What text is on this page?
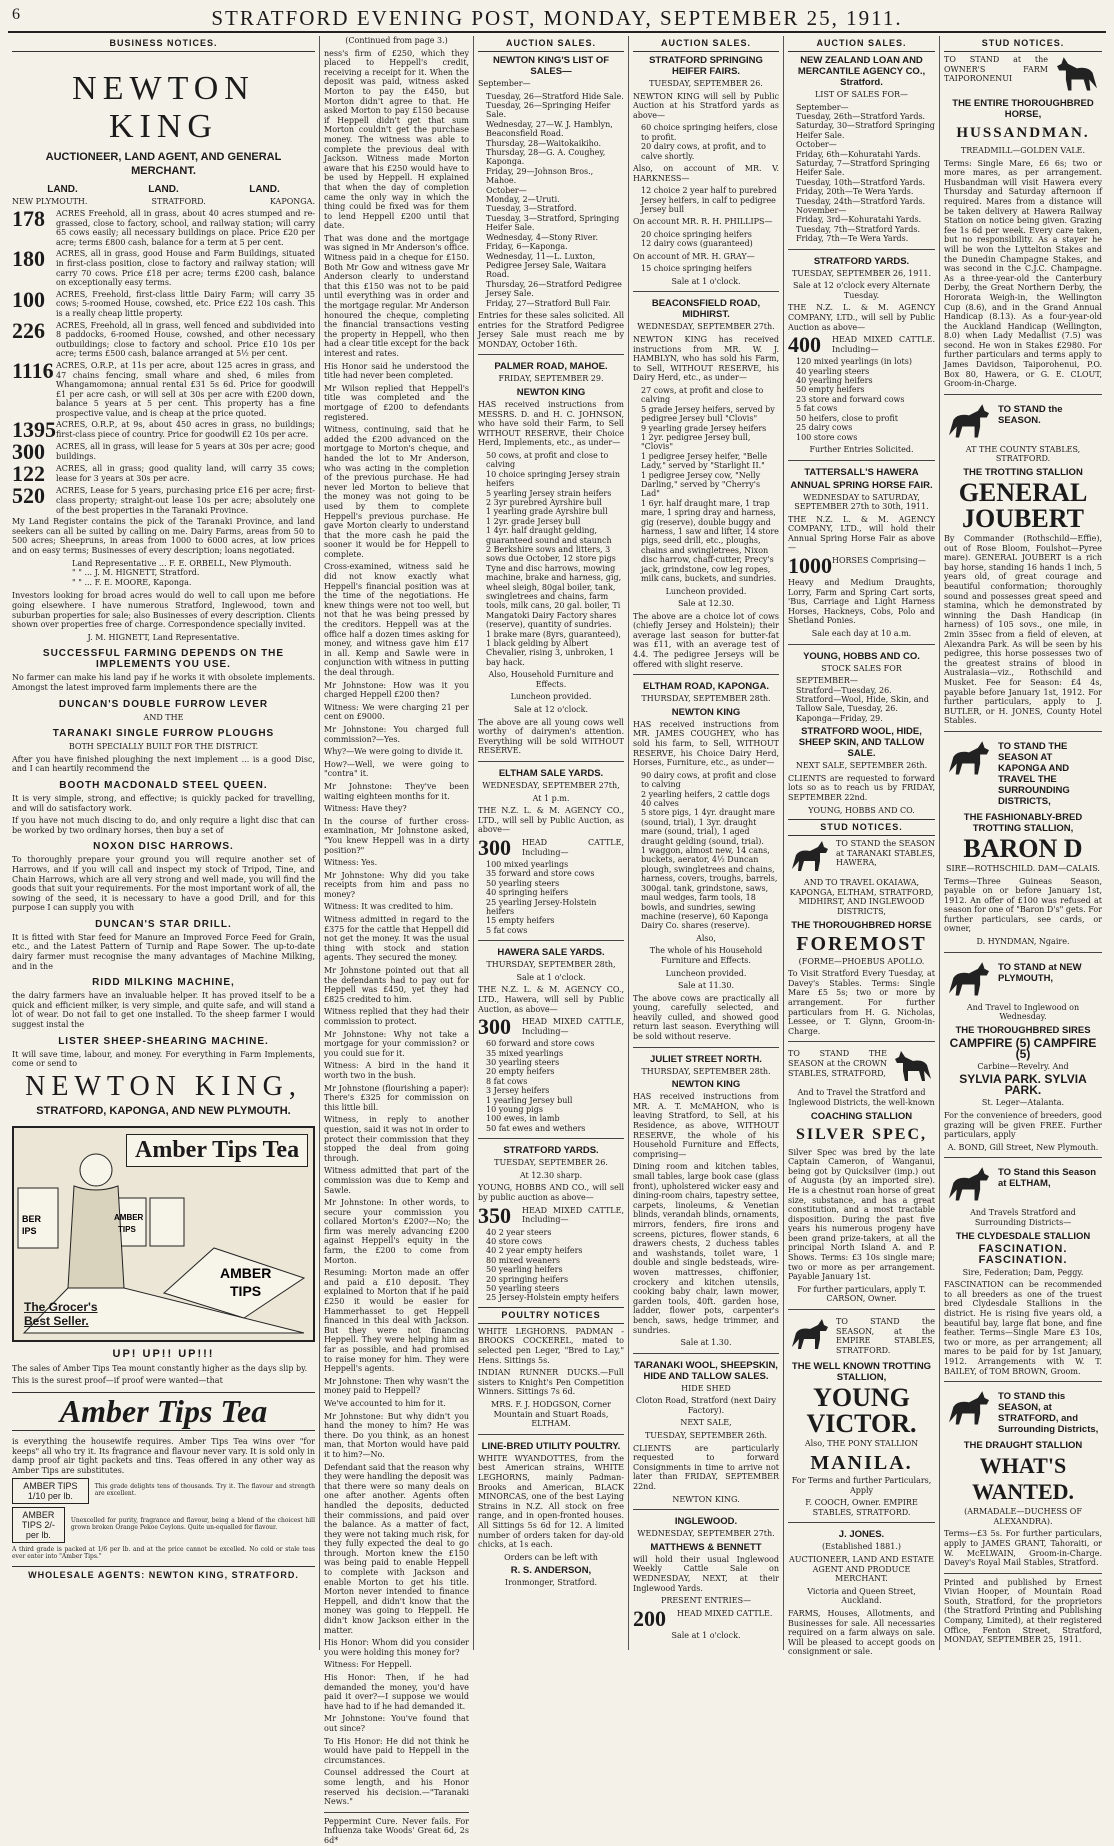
6	STRATFORD EVENING POST, MONDAY, SEPTEMBER 25, 1911.
BUSINESS NOTICES.
NEWTON KING
AUCTIONEER, LAND AGENT, AND GENERAL MERCHANT.
LAND.	LAND.	LAND.
NEW PLYMOUTH.	STRATFORD.	KAPONGA.
178	ACRES Freehold, all in grass, about 40 acres stumped and re-grassed, close to factory, school, and railway station; will carry 65 cows easily; all necessary buildings on place. Price £20 per acre; terms £800 cash, balance for a term at 5 per cent.
180	ACRES, all in grass, good House and Farm Buildings, situated in first-class position, close to factory and railway station; will carry 70 cows. Price £18 per acre; terms £200 cash, balance on exceptionally easy terms.
100	ACRES, Freehold, first-class little Dairy Farm; will carry 35 cows; 5-roomed House, cowshed, etc. Price £22 10s cash. This is a really cheap little property.
226	ACRES, Freehold, all in grass, well fenced and subdivided into 8 paddocks, 6-roomed House, cowshed, and other necessary outbuildings; close to factory and school. Price £10 10s per acre; terms £500 cash, balance arranged at 5½ per cent.
1116 ACRES, O.R.P., at 11s per acre, about 125 acres in grass, and 47 chains fencing, small whare and shed, 6 miles from Whangamomona; annual rental £31 5s 6d. Price for goodwill £1 per acre cash, or will sell at 30s per acre with £200 down, balance 5 years at 5 per cent. This property has a fine prospective value, and is cheap at the price quoted.
1395 ACRES, O.R.P., at 9s, about 450 acres in grass, no buildings; first-class piece of country. Price for goodwill £2 10s per acre.
300	ACRES, all in grass, will lease for 5 years at 30s per acre; good buildings.
122	ACRES, all in grass; good quality land, will carry 35 cows; lease for 3 years at 30s per acre.
520	ACRES, Lease for 5 years, purchasing price £16 per acre; first-class property; straight-out lease 10s per acre; absolutely one of the best properties in the Taranaki Province.

My Land Register contains the pick of the Taranaki Province, and land seekers can all be suited by calling on me. Dairy Farms, areas from 50 to 500 acres; Sheepruns, in areas from 1000 to 6000 acres, at low prices and on easy terms; Businesses of every description; loans negotiated.

Land Representative ... F. E. ORBELL, New Plymouth.
" " ... J. M. HIGNETT, Stratford.
" " ... F. E. MOORE, Kaponga.

Investors looking for broad acres would do well to call upon me before going elsewhere. I have numerous Stratford, Inglewood, town and suburban properties for sale; also Businesses of every description. Clients shown over properties free of charge. Correspondence specially invited.

J. M. HIGNETT, Land Representative.
SUCCESSFUL FARMING DEPENDS ON THE IMPLEMENTS YOU USE.

No farmer can make his land pay if he works it with obsolete implements. Amongst the latest improved farm implements there are the

DUNCAN'S DOUBLE FURROW LEVER
AND THE
TARANAKI SINGLE FURROW PLOUGHS
BOTH SPECIALLY BUILT FOR THE DISTRICT.

After you have finished ploughing the next implement ... is a good Disc, and I can heartily recommend the

BOOTH MACDONALD STEEL QUEEN.

It is very simple, strong, and effective; is quickly packed for travelling, and will do satisfactory work.

If you have not much discing to do, and only require a light disc that can be worked by two ordinary horses, then buy a set of

NOXON DISC HARROWS.

To thoroughly prepare your ground you will require another set of Harrows, and if you will call and inspect my stock of Tripod, Tine, and Chain Harrows, which are all very strong and well made, you will find the goods that suit your requirements. For the most important work of all, the sowing of the seed, it is necessary to have a good Drill, and for this purpose I can supply you with

DUNCAN'S STAR DRILL.

It is fitted with Star feed for Manure an Improved Force Feed for Grain, etc., and the Latest Pattern of Turnip and Rape Sower. The up-to-date dairy farmer must recognise the many advantages of Machine Milking, and in the

RIDD MILKING MACHINE,

the dairy farmers have an invaluable helper. It has proved itself to be a quick and efficient milker, is very simple, and quite safe, and will stand a lot of wear. Do not fail to get one installed. To the sheep farmer I would suggest instal the

LISTER SHEEP-SHEARING MACHINE.

It will save time, labour, and money. For everything in Farm Implements, come or send to

NEWTON KING,
STRATFORD, KAPONGA, AND NEW PLYMOUTH.
BER
IPS
AMBER
TIPS
AMBER
TIPS
Amber Tips Tea
The Grocer's
Best Seller.
UP! UP!! UP!!!

The sales of Amber Tips Tea mount constantly higher as the days slip by.

This is the surest proof—if proof were wanted—that

Amber Tips Tea

is everything the housewife requires. Amber Tips Tea wins over "for keeps" all who try it. Its fragrance and flavour never vary. It is sold only in damp proof air tight packets and tins. Teas offered in any other way as Amber Tips are substitutes.

AMBER TIPS 1/10 per lb.
This grade delights tens of thousands. Try it. The flavour and strength are excellent.
AMBER TIPS 2/- per lb.
Unexcelled for purity, fragrance and flavour, being a blend of the choicest hill grown broken Orange Pekoe Ceylons. Quite un-equalled for flavour.
A third grade is packed at 1/6 per lb. and at the price cannot be excelled. No cold or stale teas ever enter into "Amber Tips."
WHOLESALE AGENTS: NEWTON KING, STRATFORD.
(Continued from page 3.)

ness's firm of £250, which they placed to Heppell's credit, receiving a receipt for it. When the deposit was paid, witness asked Morton to pay the £450, but Morton didn't agree to that. He asked Morton to pay £150 because if Heppell didn't get that sum Morton couldn't get the purchase money. The witness was able to complete the previous deal with Jackson. Witness made Morton aware that his £250 would have to be used by Heppell. H explained that when the day of completion came the only way in which the thing could be fixed was for them to lend Heppell £200 until that date.

That was done and the mortgage was signed in Mr Anderson's office. Witness paid in a cheque for £150. Both Mr Gow and witness gave Mr Anderson clearly to understand that this £150 was not to be paid until everything was in order and the mortgage regular. Mr Anderson honoured the cheque, completing the financial transactions vesting the property in Heppell, who then had a clear title except for the back interest and rates.

His Honor said he understood the title had never been completed.

Mr Wilson replied that Heppell's title was completed and the mortgage of £200 to defendants registered.

Witness, continuing, said that he added the £200 advanced on the mortgage to Morton's cheque, and handed the lot to Mr Anderson, who was acting in the completion of the previous purchase. He had never led Morton to believe that the money was not going to be used by them to complete Heppell's previous purchase. He gave Morton clearly to understand that the more cash he paid the sooner it would be for Heppell to complete.

Cross-examined, witness said he did not know exactly what Heppell's financial position was at the time of the negotiations. He knew things were not too well, but not that he was being pressed by the creditors. Heppell was at the office half a dozen times asking for money, and witness gave him £17 in all. Kemp and Sawle were in conjunction with witness in putting the deal through.

Mr Johnstone: How was it you charged Heppell £200 then?

Witness: We were charging 21 per cent on £9000.

Mr Johnstone: You charged full commission?—Yes.

Why?—We were going to divide it.

How?—Well, we were going to "contra" it.

Mr Johnstone: They've been waiting eighteen months for it.

Witness: Have they?

In the course of further cross-examination, Mr Johnstone asked, "You knew Heppell was in a dirty position?"

Witness: Yes.

Mr Johnstone: Why did you take receipts from him and pass no money?

Witness: It was credited to him.

Witness admitted in regard to the £375 for the cattle that Heppell did not get the money. It was the usual thing with stock and station agents. They secured the money.

Mr Johnstone pointed out that all the defendants had to pay out for Heppell was £450, yet they had £825 credited to him.

Witness replied that they had their commission to protect.

Mr Johnstone: Why not take a mortgage for your commission? or you could sue for it.

Witness: A bird in the hand it worth two in the bush.

Mr Johnstone (flourishing a paper): There's £325 for commission on this little bill.

Witness, in reply to another question, said it was not in order to protect their commission that they stopped the deal from going through.

Witness admitted that part of the commission was due to Kemp and Sawle.

Mr Johnstone: In other words, to secure your commission you collared Morton's £200?—No; the firm was merely advancing £200 against Heppell's equity in the farm, the £200 to come from Morton.

Resuming: Morton made an offer and paid a £10 deposit. They explained to Morton that if he paid £250 it would be easier for Hammerhasset to get Heppell financed in this deal with Jackson. But they were not financing Heppell. They were helping him as far as possible, and had promised to raise money for him. They were Heppell's agents.

Mr Johnstone: Then why wasn't the money paid to Heppell?

We've accounted to him for it.

Mr Johnstone: But why didn't you hand the money to him? He was there. Do you think, as an honest man, that Morton would have paid it to him?—No.

Defendant said that the reason why they were handling the deposit was that there were so many deals on one after another. Agents often handled the deposits, deducted their commissions, and paid over the balance. As a matter of fact, they were not taking much risk, for they fully expected the deal to go through. Morton knew the £150 was being paid to enable Heppell to complete with Jackson and enable Morton to get his title. Morton never intended to finance Heppell, and didn't know that the money was going to Heppell. He didn't know Jackson either in the matter.

His Honor: Whom did you consider you were holding this money for?

Witness: For Heppell.

His Honor: Then, if he had demanded the money, you'd have paid it over?—I suppose we would have had to if he had demanded it.

Mr Johnstone: You've found that out since?

To His Honor: He did not think he would have paid to Heppell in the circumstances.

Counsel addressed the Court at some length, and his Honor reserved his decision.—"Taranaki News."

Peppermint Cure. Never fails. For Influenza take Woods' Great 6d, 2s 6d*

AUCTION SALES.
NEWTON KING'S LIST OF SALES—
September—
Tuesday, 26—Stratford Hide Sale.
Tuesday, 26—Springing Heifer Sale.
Wednesday, 27—W. J. Hamblyn, Beaconsfield Road.
Thursday, 28—Waitokaikiho.
Thursday, 28—G. A. Coughey, Kaponga.
Friday, 29—Johnson Bros., Mahoe.
October—
Monday, 2—Uruti.
Tuesday, 3—Stratford.
Tuesday, 3—Stratford, Springing Heifer Sale.
Wednesday, 4—Stony River.
Friday, 6—Kaponga.
Wednesday, 11—L. Luxton, Pedigree Jersey Sale, Waitara Road.
Thursday, 26—Stratford Pedigree Jersey Sale.
Friday, 27—Stratford Bull Fair.

Entries for these sales solicited. All entries for the Stratford Pedigree Jersey Sale must reach me by MONDAY, October 16th.

PALMER ROAD, MAHOE.
FRIDAY, SEPTEMBER 29.
NEWTON KING

HAS received instructions from MESSRS. D. and H. C. JOHNSON, who have sold their Farm, to Sell WITHOUT RESERVE, their Choice Herd, Implements, etc., as under—

50 cows, at profit and close to calving
10 choice springing Jersey strain heifers
5 yearling Jersey strain heifers
2 3yr purebred Ayrshire bull
1 yearling grade Ayrshire bull
1 2yr. grade Jersey bull
1 4yr. half draught gelding, guaranteed sound and staunch
2 Berkshire sows and litters, 3 sows due October, 12 store pigs
Tyne and disc harrows, mowing machine, brake and harness, gig, wheel sleigh, 80gal boiler, tank, swingletrees and chains, farm tools, milk cans, 20 gal. boiler, Ti Mangatoki Dairy Factory shares (reserve), quantity of sundries.
1 brake mare (8yrs, guaranteed), 1 black gelding by Albert Chevalier, rising 3, unbroken, 1 bay hack.
Also, Household Furniture and Effects.
Luncheon provided.
Sale at 12 o'clock.

The above are all young cows well worthy of dairymen's attention. Everything will be sold WITHOUT RESERVE.

ELTHAM SALE YARDS.
WEDNESDAY, SEPTEMBER 27th,
At 1 p.m.

THE N.Z. L. & M. AGENCY CO., LTD., will sell by Public Auction, as above—

300	HEAD CATTLE, Including—
100 mixed yearlings
35 forward and store cows
50 yearling steers
40 springing heifers
25 yearling Jersey-Holstein heifers
15 empty heifers
5 fat cows
HAWERA SALE YARDS.
THURSDAY, SEPTEMBER 28th,
Sale at 1 o'clock.

THE N.Z. L. & M. AGENCY CO., LTD., Hawera, will sell by Public Auction, as above—

300	HEAD MIXED CATTLE, Including—
60 forward and store cows
35 mixed yearlings
30 yearling steers
20 empty heifers
8 fat cows
3 Jersey heifers
1 yearling Jersey bull
10 young pigs
100 ewes, in lamb
50 fat ewes and wethers
STRATFORD YARDS.
TUESDAY, SEPTEMBER 26.
At 12.30 sharp.

YOUNG, HOBBS AND CO., will sell by public auction as above—

350	HEAD MIXED CATTLE, Including—
40 2 year steers
40 store cows
40 2 year empty heifers
80 mixed weaners
50 yearling heifers
20 springing heifers
50 yearling steers
25 Jersey-Holstein empty heifers
POULTRY NOTICES

WHITE LEGHORNS. PADMAN - BROOKS COCKEREL, mated to selected pen Leger, "Bred to Lay," Hens. Sittings 5s.

INDIAN RUNNER DUCKS.—Full sisters to Knight's Pen Competition Winners. Sittings 7s 6d.

MRS. F. J. HODGSON, Corner Mountain and Stuart Roads, ELTHAM.

LINE-BRED UTILITY POULTRY.

WHITE WYANDOTTES, from the best American strains, WHITE LEGHORNS, mainly Padman-Brooks and American, BLACK MINORCAS, one of the best Laying Strains in N.Z. All stock on free range, and in open-fronted houses. All Sittings 5s 6d for 12. A limited number of orders taken for day-old chicks, at 1s each.

Orders can be left with
R. S. ANDERSON,
Ironmonger, Stratford.
AUCTION SALES.
STRATFORD SPRINGING HEIFER FAIRS.
TUESDAY, SEPTEMBER 26.

NEWTON KING will sell by Public Auction at his Stratford yards as above—

60 choice springing heifers, close to profit.
20 dairy cows, at profit, and to calve shortly.
Also, on account of MR. V. HARKNESS—
12 choice 2 year half to purebred Jersey heifers, in calf to pedigree Jersey bull
On account MR. R. H. PHILLIPS—
20 choice springing heifers
12 dairy cows (guaranteed)
On account of MR. H. GRAY—
15 choice springing heifers
Sale at 1 o'clock.
BEACONSFIELD ROAD, MIDHIRST.
WEDNESDAY, SEPTEMBER 27th.

NEWTON KING has received instructions from MR. W. J. HAMBLYN, who has sold his Farm, to Sell, WITHOUT RESERVE, his Dairy Herd, etc., as under—

27 cows, at profit and close to calving
5 grade Jersey heifers, served by pedigree Jersey bull "Clovis"
9 yearling grade Jersey heifers
1 2yr. pedigree Jersey bull, "Clovis"
1 pedigree Jersey heifer, "Belle Lady," served by "Starlight II."
1 pedigree Jersey cow, "Nelly Darling," served by "Cherry's Lad"
1 6yr. half draught mare, 1 trap mare, 1 spring dray and harness, gig (reserve), double buggy and harness, 1 saw and lifter, 14 store pigs, seed drill, etc., ploughs, chains and swingletrees, Nixon disc harrow, chaff-cutter, Precy's jack, grindstone, cow leg ropes, milk cans, buckets, and sundries.
Luncheon provided.
Sale at 12.30.

The above are a choice lot of cows (chiefly Jersey and Holstein); their average last season for butter-fat was £11, with an average test of 4.4. The pedigree Jerseys will be offered with slight reserve.

ELTHAM ROAD, KAPONGA.
THURSDAY, SEPTEMBER 28th.
NEWTON KING

HAS received instructions from MR. JAMES COUGHEY, who has sold his farm, to Sell, WITHOUT RESERVE, his Choice Dairy Herd, Horses, Furniture, etc., as under—

90 dairy cows, at profit and close to calving
2 yearling heifers, 2 cattle dogs
40 calves
5 store pigs, 1 4yr. draught mare (sound, trial), 1 3yr. draught mare (sound, trial), 1 aged draught gelding (sound, trial).
1 waggon, almost new, 14 cans, buckets, aerator, 4½ Duncan plough, swingletrees and chains, harness, covers, troughs, barrels, 300gal. tank, grindstone, saws, maul wedges, farm tools, 18 bowls, and sundries, sewing machine (reserve), 60 Kaponga Dairy Co. shares (reserve).
Also,
The whole of his Household Furniture and Effects.
Luncheon provided.
Sale at 11.30.

The above cows are practically all young, carefully selected, and heavily culled, and showed good return last season. Everything will be sold without reserve.

JULIET STREET NORTH.
THURSDAY, SEPTEMBER 28th.
NEWTON KING

HAS received instructions from MR. A. T. McMAHON, who is leaving Stratford, to Sell, at his Residence, as above, WITHOUT RESERVE, the whole of his Household Furniture and Effects, comprising—

Dining room and kitchen tables, small tables, large book case (glass front), upholstered wicker easy and dining-room chairs, tapestry settee, carpets, linoleums, & Venetian blinds, verandah blinds, ornaments, mirrors, fenders, fire irons and screens, pictures, flower stands, 6 drawers chests, 2 duchess tables and washstands, toilet ware, 1 double and single bedsteads, wire-woven mattresses, chiffonier, crockery and kitchen utensils, cooking baby chair, lawn mower, garden tools, 40ft. garden hose, ladder, flower pots, carpenter's bench, saws, hedge trimmer, and sundries.

Sale at 1.30.
TARANAKI WOOL, SHEEPSKIN, HIDE AND TALLOW SALES.
HIDE SHED
Cloton Road, Stratford (next Dairy Factory).
NEXT SALE,
TUESDAY, SEPTEMBER 26th.

CLIENTS are particularly requested to forward Consignments in time to arrive not later than FRIDAY, SEPTEMBER 22nd.

NEWTON KING.
INGLEWOOD.
WEDNESDAY, SEPTEMBER 27th.
MATTHEWS & BENNETT

will hold their usual Inglewood Weekly Cattle Sale on WEDNESDAY, NEXT, at their Inglewood Yards.

PRESENT ENTRIES—
200	HEAD MIXED CATTLE.
Sale at 1 o'clock.
AUCTION SALES.
NEW ZEALAND LOAN AND MERCANTILE AGENCY CO., Stratford.
LIST OF SALES FOR—
September—
Tuesday, 26th—Stratford Yards.
Saturday, 30—Stratford Springing Heifer Sale.
October—
Friday, 6th—Kohuratahi Yards.
Saturday, 7—Stratford Springing Heifer Sale.
Tuesday, 10th—Stratford Yards.
Friday, 20th—Te Wera Yards.
Tuesday, 24th—Stratford Yards.
November—
Friday, 3rd—Kohuratahi Yards.
Tuesday, 7th—Stratford Yards.
Friday, 7th—Te Wera Yards.
STRATFORD YARDS.
TUESDAY, SEPTEMBER 26, 1911.
Sale at 12 o'clock every Alternate Tuesday.

THE N.Z. L. & M. AGENCY COMPANY, LTD., will sell by Public Auction as above—

400	HEAD MIXED CATTLE. Including—
120 mixed yearlings (in lots)
40 yearling steers
40 yearling heifers
50 empty heifers
23 store and forward cows
5 fat cows
50 heifers, close to profit
25 dairy cows
100 store cows
Further Entries Solicited.
TATTERSALL'S HAWERA
ANNUAL SPRING HORSE FAIR.
WEDNESDAY to SATURDAY, SEPTEMBER 27th to 30th, 1911.

THE N.Z. L. & M. AGENCY COMPANY, LTD., will hold their Annual Spring Horse Fair as above—

1000 HORSES Comprising—

Heavy and Medium Draughts, Lorry, Farm and Spring Cart sorts, 'Bus, Carriage and Light Harness Horses, Hackneys, Cobs, Polo and Shetland Ponies.

Sale each day at 10 a.m.
YOUNG, HOBBS AND CO.
STOCK SALES FOR
SEPTEMBER—
Stratford—Tuesday, 26.
Stratford—Wool, Hide, Skin, and Tallow Sale, Tuesday, 26.
Kaponga—Friday, 29.
STRATFORD WOOL, HIDE, SHEEP SKIN, AND TALLOW SALE.
NEXT SALE, SEPTEMBER 26th.

CLIENTS are requested to forward lots so as to reach us by FRIDAY, SEPTEMBER 22nd.

YOUNG, HOBBS AND CO.
STUD NOTICES.
TO STAND the SEASON at TARANAKI STABLES, HAWERA,
AND TO TRAVEL OKAIAWA, KAPONGA, ELTHAM, STRATFORD, MIDHIRST, AND INGLEWOOD DISTRICTS,
THE THOROUGHBRED HORSE
FOREMOST
(FORME—PHOEBUS APOLLO.

To Visit Stratford Every Tuesday, at Davey's Stables. Terms: Single Mare £5 5s; two or more by arrangement. For further particulars from H. G. Nicholas, Lessee, or T. Glynn, Groom-in-Charge.

TO STAND THE SEASON at the CROWN STABLES, STRATFORD,
And to Travel the Stratford and Inglewood Districts, the well-known
COACHING STALLION
SILVER SPEC,

Silver Spec was bred by the late Captain Cameron, of Wanganui, being got by Quicksilver (imp.) out of Augusta (by an imported sire). He is a chestnut roan horse of great size, substance, and has a great constitution, and a most tractable disposition. During the past five years his numerous progeny have been grand prize-takers, at all the principal North Island A. and P. Shows. Terms: £3 10s single mare; two or more as per arrangement. Payable January 1st.

For further particulars, apply T. CARSON, Owner.
TO STAND the SEASON, at the EMPIRE STABLES, STRATFORD.
THE WELL KNOWN TROTTING STALLION,
YOUNG VICTOR.
Also, THE PONY STALLION
MANILA.
For Terms and further Particulars, Apply
F. COOCH, Owner. EMPIRE STABLES, STRATFORD.
J. JONES.
(Established 1881.)
AUCTIONEER, LAND AND ESTATE AGENT AND PRODUCE MERCHANT.
Victoria and Queen Street, Auckland.

FARMS, Houses, Allotments, and Businesses for sale. All necessaries required on a farm always on sale. Will be pleased to accept goods on consignment or sale.

STUD NOTICES.
TO STAND at the OWNER'S FARM TAIPORONENUI
THE ENTIRE THOROUGHBRED HORSE,
HUSSANDMAN.
TREADMILL—GOLDEN VALE.

Terms: Single Mare, £6 6s; two or more mares, as per arrangement. Husbandman will visit Hawera every Thursday and Saturday afternoon if required. Mares from a distance will be taken delivery at Hawera Railway Station on notice being given. Grazing fee 1s 6d per week. Every care taken, but no responsibility. As a stayer he will be won the Lyttelton Stakes and the Dunedin Champagne Stakes, and was second in the C.J.C. Champagne. As a three-year-old the Canterbury Derby, the Great Northern Derby, the Hororata Weigh-in, the Wellington Cup (8.6), and in the Grand Annual Handicap (8.13). As a four-year-old the Auckland Handicap (Wellington, 8.0) when Lady Medallist (7.5) was second. He won in Stakes £2980. For further particulars and terms apply to James Davidson, Taiporohenui, P.O. Box 80, Hawera, or G. E. CLOUT, Groom-in-Charge.

TO STAND the SEASON.
AT THE COUNTY STABLES, STRATFORD.
THE TROTTING STALLION
GENERAL JOUBERT

By Commander (Rothschild—Effie), out of Rose Bloom, Foulshot—Pyree mare). GENERAL JOUBERT is a rich bay horse, standing 16 hands 1 inch, 5 years old, of great courage and beautiful conformation; thoroughly sound and possesses great speed and stamina, which he demonstrated by winning the Dash Handicap (in harness) of 105 sovs., one mile, in 2min 35sec from a field of eleven, at Alexandra Park. As will be seen by his pedigree, this horse possesses two of the greatest strains of blood in Australasia—viz., Rothschild and Musket. Fee for Season: £4 4s, payable before January 1st, 1912. For further particulars, apply to J. BUTLER, or H. JONES, County Hotel Stables.

TO STAND THE SEASON AT KAPONGA AND TRAVEL THE SURROUNDING DISTRICTS,
THE FASHIONABLY-BRED TROTTING STALLION,
BARON D
SIRE—ROTHSCHILD. DAM—CALAIS.

Terms—Three Guineas Season, payable on or before January 1st, 1912. An offer of £100 was refused at season for one of "Baron D's" gets. For further particulars, see cards, or owner,

D. HYNDMAN, Ngaire.
TO STAND at NEW PLYMOUTH,
And Travel to Inglewood on Wednesday.
THE THOROUGHBRED SIRES
CAMPFIRE (5) CAMPFIRE (5)
Carbine—Revelry. And
SYLVIA PARK. SYLVIA PARK.
St. Leger—Atalanta.

For the convenience of breeders, good grazing will be given FREE. Further particulars, apply

A. BOND, Gill Street, New Plymouth.
TO Stand this Season at ELTHAM,
And Travels Stratford and Surrounding Districts—
THE CLYDESDALE STALLION
FASCINATION. FASCINATION.
Sire, Federation; Dam, Peggy.

FASCINATION can be recommended to all breeders as one of the truest bred Clydesdale Stallions in the district. He is rising five years old, a beautiful bay, large flat bone, and fine feather. Terms—Single Mare £3 10s, two or more, as per arrangement; all mares to be paid for by 1st January, 1912. Arrangements with W. T. BAILEY, of TOM BROWN, Groom.

TO STAND this SEASON, at STRATFORD, and Surrounding Districts,
THE DRAUGHT STALLION
WHAT'S WANTED.
(ARMADALE—DUCHESS OF ALEXANDRA).

Terms—£3 5s. For further particulars, apply to JAMES GRANT, Tahoraiti, or W. McELWAIN, Groom-in-Charge. Davey's Royal Mail Stables, Stratford.

Printed and published by Ernest Vivian Hooper, of Mountain Road South, Stratford, for the proprietors (the Stratford Printing and Publishing Company, Limited), at their registered Office, Fenton Street, Stratford, MONDAY, SEPTEMBER 25, 1911.
